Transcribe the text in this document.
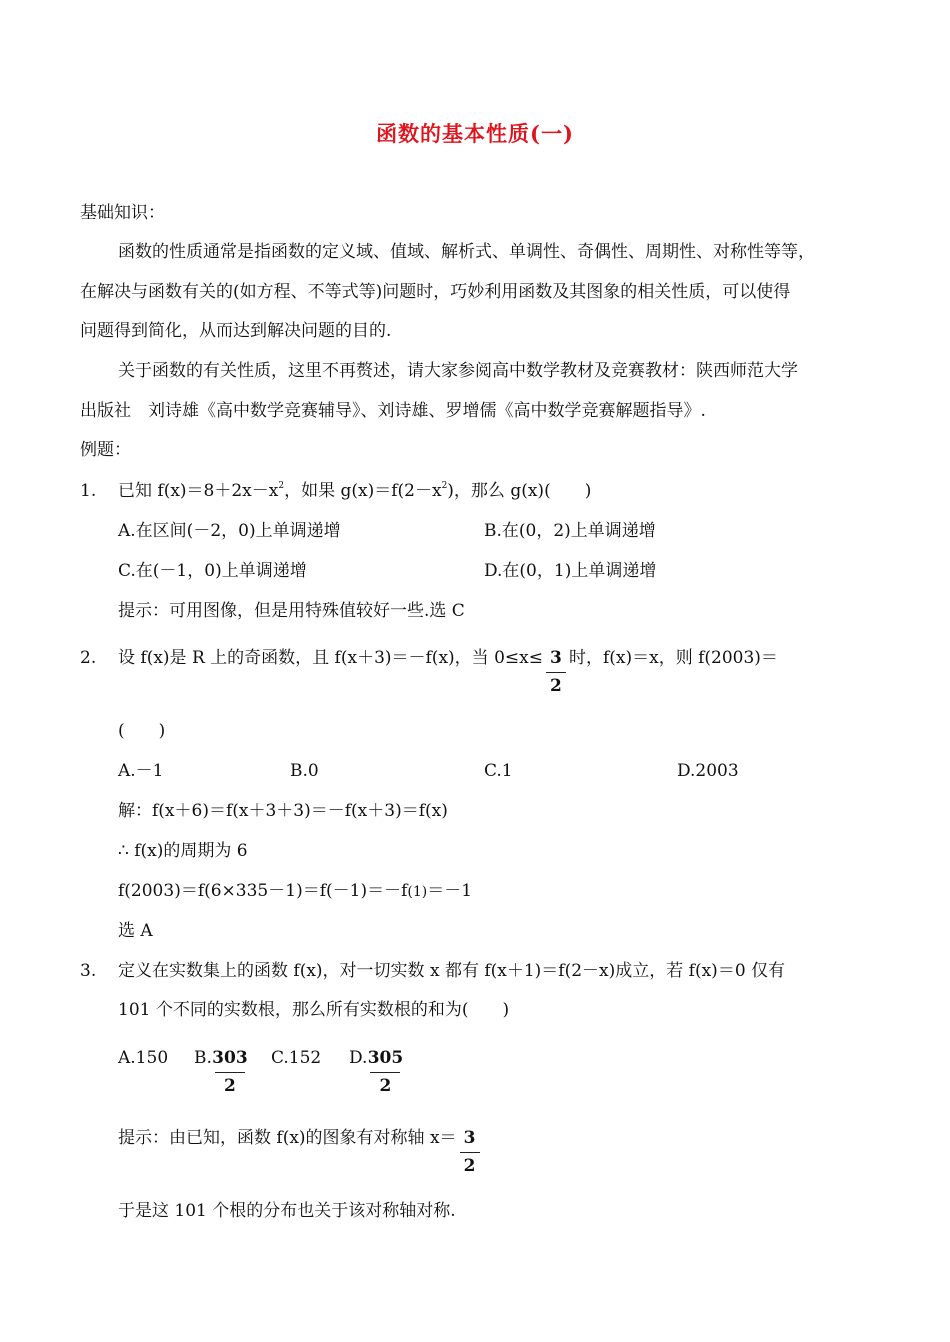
函数的基本性质(一)
基础知识：
函数的性质通常是指函数的定义域、值域、解析式、单调性、奇偶性、周期性、对称性等等，
在解决与函数有关的(如方程、不等式等)问题时，巧妙利用函数及其图象的相关性质，可以使得
问题得到简化，从而达到解决问题的目的.
关于函数的有关性质，这里不再赘述，请大家参阅高中数学教材及竞赛教材：陕西师范大学
出版社　刘诗雄《高中数学竞赛辅导》、刘诗雄、罗增儒《高中数学竞赛解题指导》.
例题：
1. 已知 $f(x)=8+2x-x^2$，如果 $g(x)=f(2-x^2)$，那么 g(x)(　　)
A.在区间(－2，0)上单调递增	B.在(0，2)上单调递增
C.在(－1，0)上单调递增	D.在(0，1)上单调递增
提示：可用图像，但是用特殊值较好一些.选 C
2. 设 f(x)是 R 上的奇函数，且 f(x＋3)＝－f(x)，当 $0\le x\le \frac{3}{2}$ 时，f(x)＝x，则 f(2003)＝
(　　)
A.－1	B.0	C.1	D.2003
解：f(x＋6)＝f(x＋3＋3)＝－f(x＋3)＝f(x)
∴ f(x)的周期为 6
f(2003)＝f(6×335－1)＝f(－1)＝－f(1)＝－1
选 A
3. 定义在实数集上的函数 f(x)，对一切实数 x 都有 f(x＋1)＝f(2－x)成立，若 f(x)＝0 仅有
101 个不同的实数根，那么所有实数根的和为(　　)
A.150 B. $\frac{303}{2} C.152$ D. $\frac{305}{2}$
提示：由已知，函数 f(x)的图象有对称轴 $x= \frac{3}{2}$
于是这 101 个根的分布也关于该对称轴对称.
